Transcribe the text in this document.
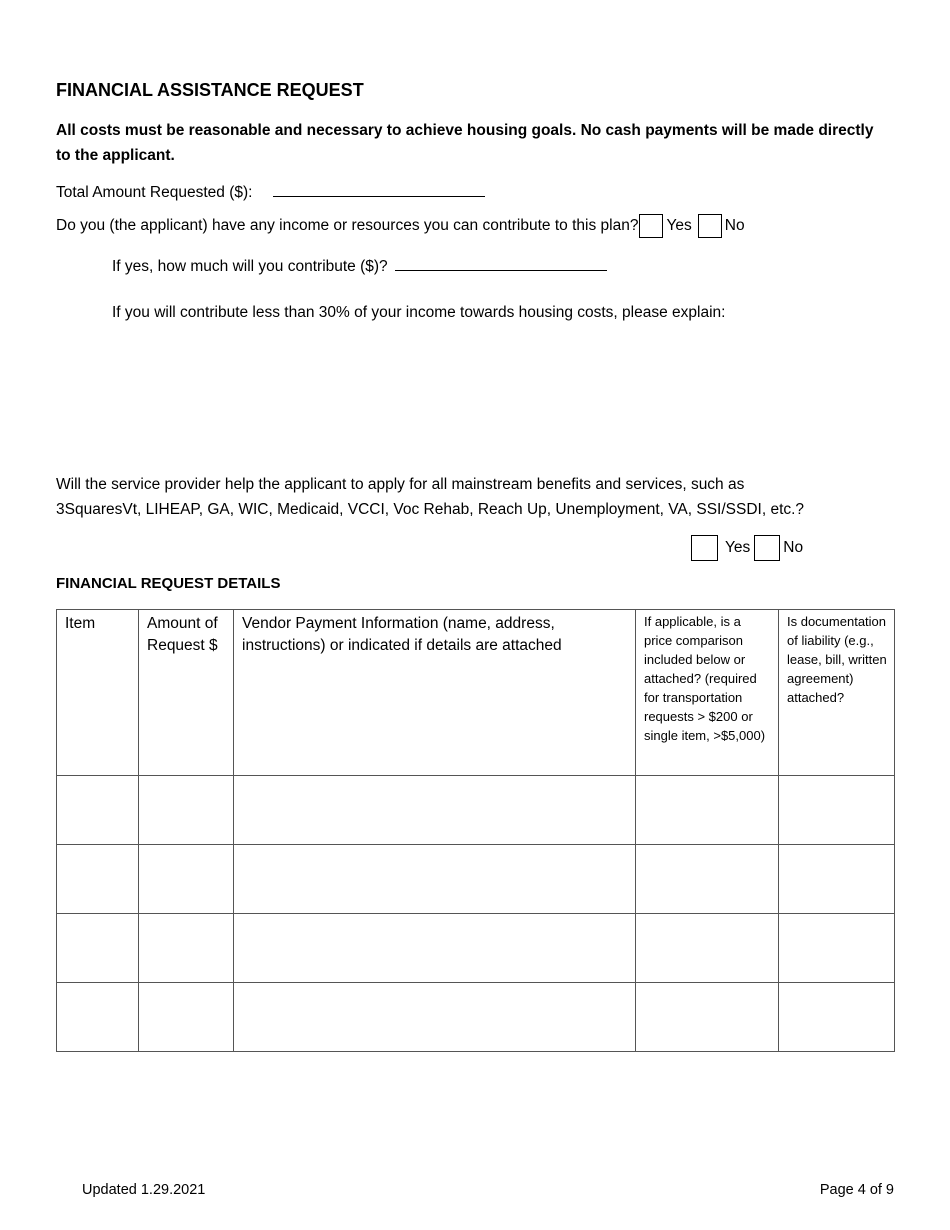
FINANCIAL ASSISTANCE REQUEST
All costs must be reasonable and necessary to achieve housing goals. No cash payments will be made directly to the applicant.
Total Amount Requested ($):
Do you (the applicant) have any income or resources you can contribute to this plan? Yes No
If yes, how much will you contribute ($)?
If you will contribute less than 30% of your income towards housing costs, please explain:
Will the service provider help the applicant to apply for all mainstream benefits and services, such as
3SquaresVt, LIHEAP, GA, WIC, Medicaid, VCCI, Voc Rehab, Reach Up, Unemployment, VA, SSI/SSDI, etc.?
Yes No
FINANCIAL REQUEST DETAILS
Item	Amount of Request $	Vendor Payment Information (name, address, instructions) or indicated if details are attached	If applicable, is a price comparison included below or attached? (required for transportation requests > $200 or single item, >$5,000)	Is documentation of liability (e.g., lease, bill, written agreement) attached?

Updated 1.29.2021	Page 4 of 9
